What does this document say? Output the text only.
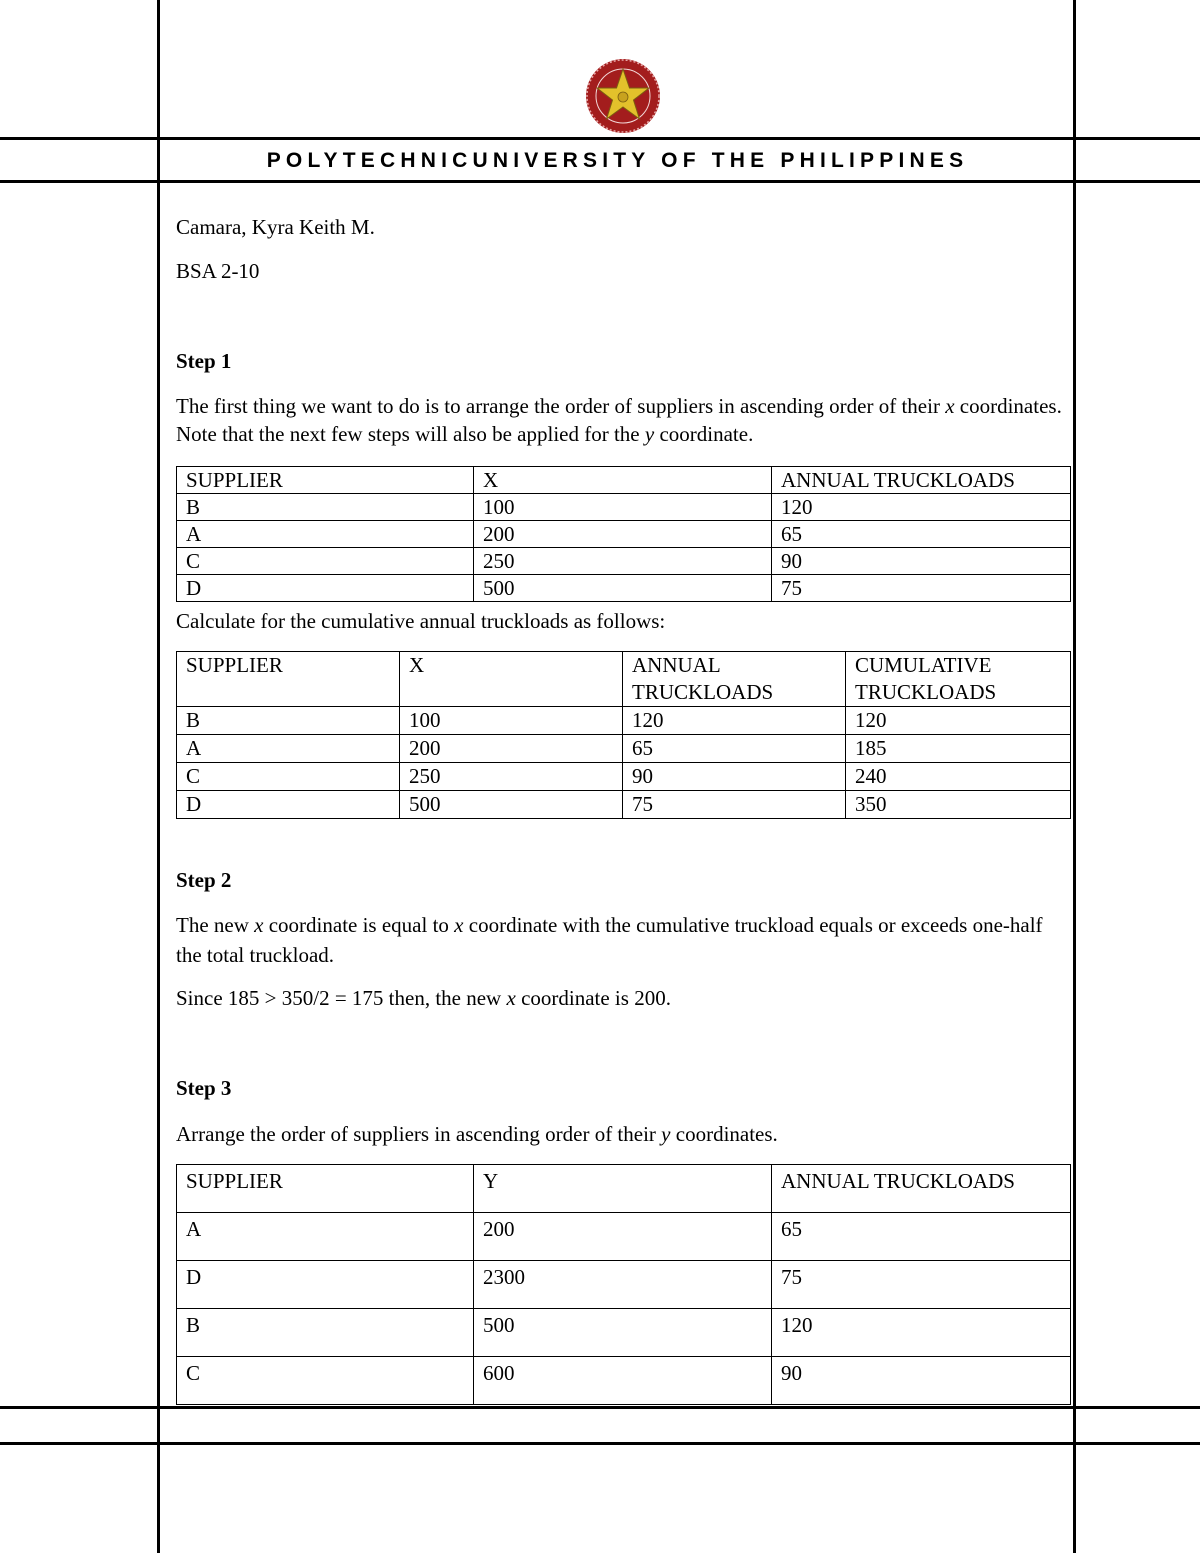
POLYTECHNICUNIVERSITY OF THE PHILIPPINES
Camara, Kyra Keith M.
BSA 2-10
Step 1
The first thing we want to do is to arrange the order of suppliers in ascending order of their x coordinates. Note that the next few steps will also be applied for the y coordinate.
SUPPLIER	X	ANNUAL TRUCKLOADS
B	100	120
A	200	65
C	250	90
D	500	75
Calculate for the cumulative annual truckloads as follows:
SUPPLIER	X	ANNUAL TRUCKLOADS	CUMULATIVE TRUCKLOADS
B	100	120	120
A	200	65	185
C	250	90	240
D	500	75	350
Step 2
The new x coordinate is equal to x coordinate with the cumulative truckload equals or exceeds one-half the total truckload.
Since 185 > 350/2 = 175 then, the new x coordinate is 200.
Step 3
Arrange the order of suppliers in ascending order of their y coordinates.
SUPPLIER	Y	ANNUAL TRUCKLOADS
A	200	65
D	2300	75
B	500	120
C	600	90
